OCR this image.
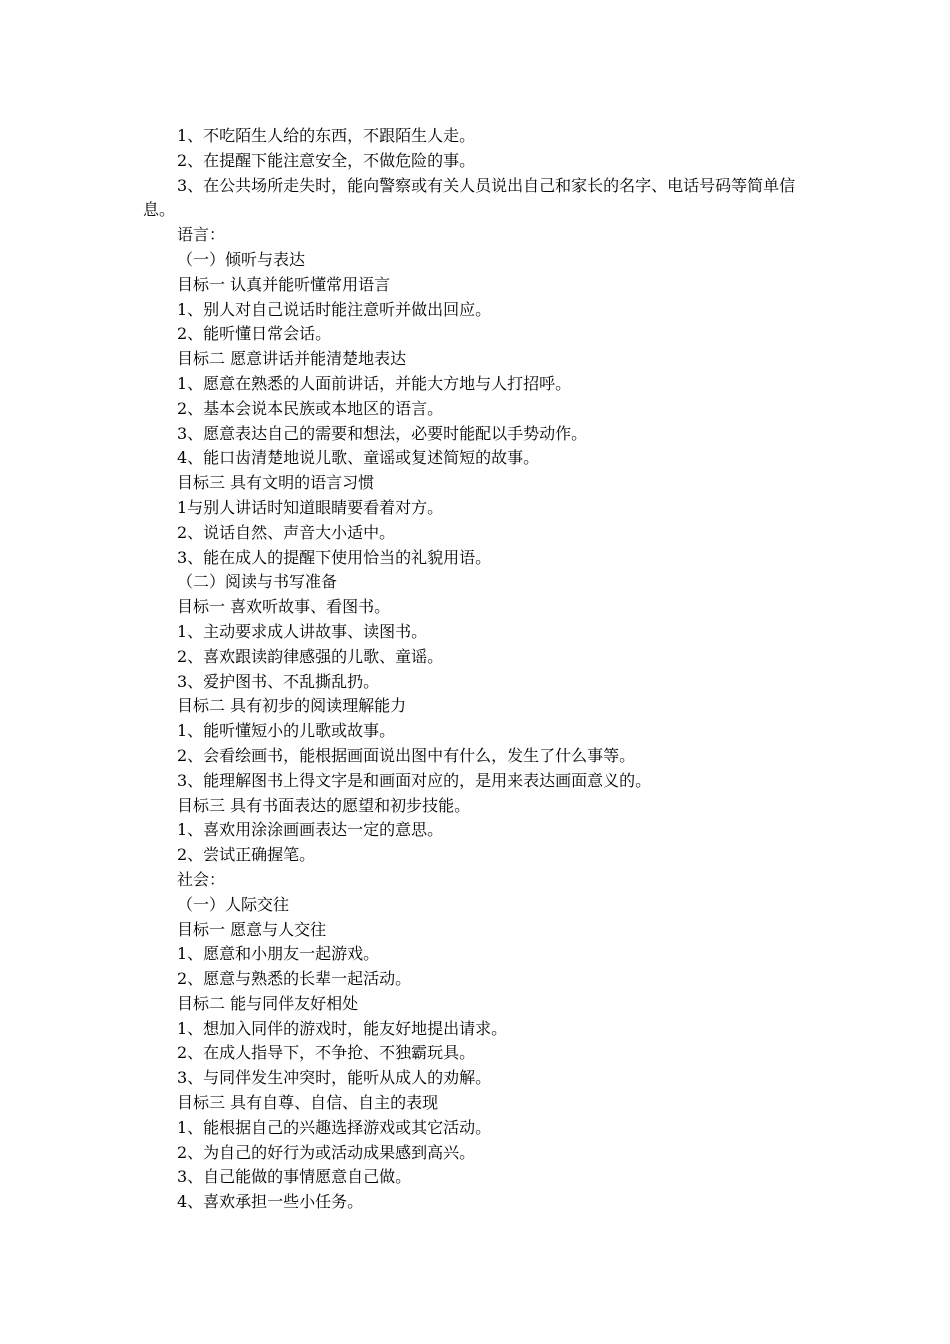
1、不吃陌生人给的东西，不跟陌生人走。
2、在提醒下能注意安全，不做危险的事。
3、在公共场所走失时，能向警察或有关人员说出自己和家长的名字、电话号码等简单信息。
语言：
（一）倾听与表达
目标一 认真并能听懂常用语言
1、别人对自己说话时能注意听并做出回应。
2、能听懂日常会话。
目标二 愿意讲话并能清楚地表达
1、愿意在熟悉的人面前讲话，并能大方地与人打招呼。
2、基本会说本民族或本地区的语言。
3、愿意表达自己的需要和想法，必要时能配以手势动作。
4、能口齿清楚地说儿歌、童谣或复述简短的故事。
目标三 具有文明的语言习惯
1与别人讲话时知道眼睛要看着对方。
2、说话自然、声音大小适中。
3、能在成人的提醒下使用恰当的礼貌用语。
（二）阅读与书写准备
目标一 喜欢听故事、看图书。
1、主动要求成人讲故事、读图书。
2、喜欢跟读韵律感强的儿歌、童谣。
3、爱护图书、不乱撕乱扔。
目标二 具有初步的阅读理解能力
1、能听懂短小的儿歌或故事。
2、会看绘画书，能根据画面说出图中有什么，发生了什么事等。
3、能理解图书上得文字是和画面对应的，是用来表达画面意义的。
目标三 具有书面表达的愿望和初步技能。
1、喜欢用涂涂画画表达一定的意思。
2、尝试正确握笔。
社会：
（一）人际交往
目标一 愿意与人交往
1、愿意和小朋友一起游戏。
2、愿意与熟悉的长辈一起活动。
目标二 能与同伴友好相处
1、想加入同伴的游戏时，能友好地提出请求。
2、在成人指导下，不争抢、不独霸玩具。
3、与同伴发生冲突时，能听从成人的劝解。
目标三 具有自尊、自信、自主的表现
1、能根据自己的兴趣选择游戏或其它活动。
2、为自己的好行为或活动成果感到高兴。
3、自己能做的事情愿意自己做。
4、喜欢承担一些小任务。
